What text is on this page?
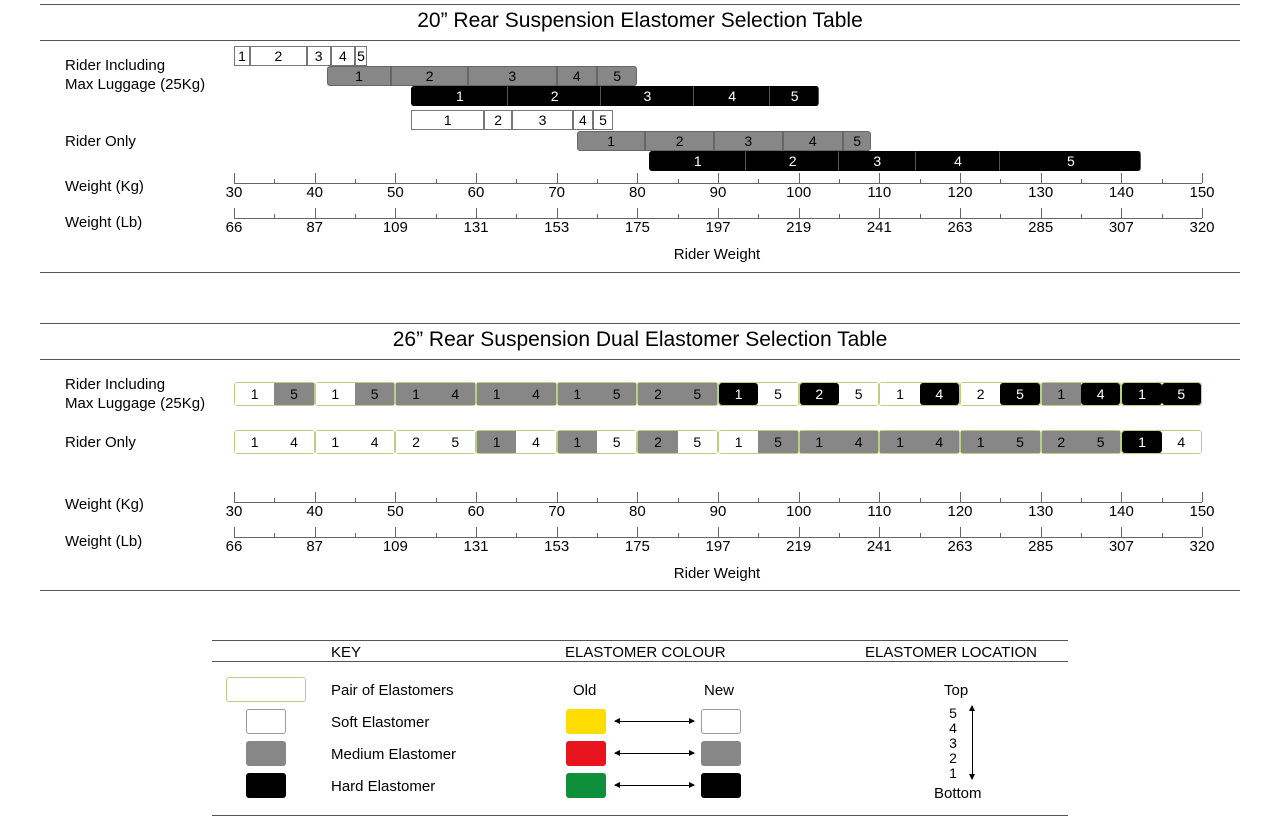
20” Rear Suspension Elastomer Selection Table
Rider Including
Max Luggage (25Kg)
Rider Only
Weight (Kg)
Weight (Lb)
1 2 3 4 5
1	2	3	4 5
1	2	3	4	5
1	2	3 4 5
1	2	3	4	5
1	2	3	4	5
30	40	50	60	70	80	90	100	110	120	130	140	150
66	87	109	131	153	175	197	219	241	263	285	307	320
Rider Weight
26” Rear Suspension Dual Elastomer Selection Table
Rider Including
Max Luggage (25Kg)
Rider Only
Weight (Kg)
Weight (Lb)
1	5	1	5	1	4	1	4	1	5	2	5	1	5	2	5	1	4	2	5	1	4	1	5
1	4	1	4	2	5	1	4	1	5	2	5	1	5	1	4	1	4	1	5	2	5	1	4
30	40	50	60	70	80	90	100	110	120	130	140	150
66	87	109	131	153	175	197	219	241	263	285	307	320
Rider Weight
KEY	ELASTOMER COLOUR	ELASTOMER LOCATION
Pair of Elastomers
Soft Elastomer
Medium Elastomer
Hard Elastomer
Old	New	Top
5
4
3
2
1
Bottom
